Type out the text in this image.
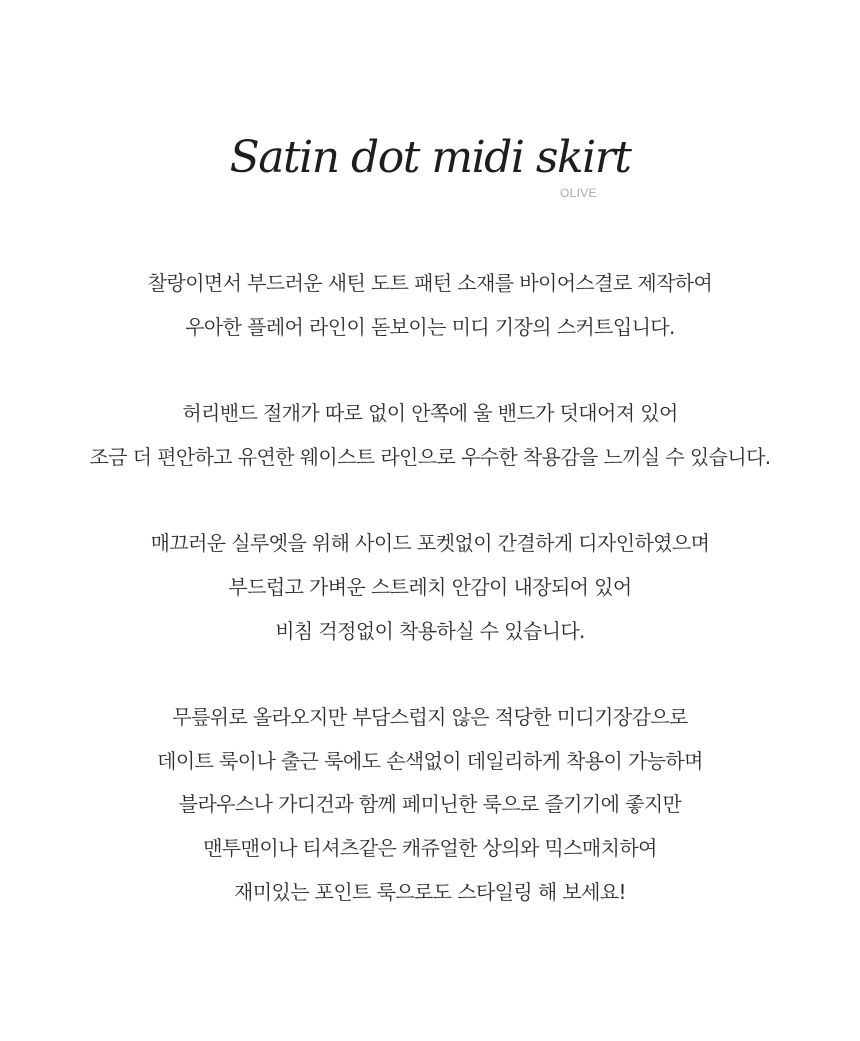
Satin dot midi skirt
OLIVE

찰랑이면서 부드러운 새틴 도트 패턴 소재를 바이어스결로 제작하여
우아한 플레어 라인이 돋보이는 미디 기장의 스커트입니다.

허리밴드 절개가 따로 없이 안쪽에 울 밴드가 덧대어져 있어
조금 더 편안하고 유연한 웨이스트 라인으로 우수한 착용감을 느끼실 수 있습니다.

매끄러운 실루엣을 위해 사이드 포켓없이 간결하게 디자인하였으며
부드럽고 가벼운 스트레치 안감이 내장되어 있어
비침 걱정없이 착용하실 수 있습니다.

무릎위로 올라오지만 부담스럽지 않은 적당한 미디기장감으로
데이트 룩이나 출근 룩에도 손색없이 데일리하게 착용이 가능하며
블라우스나 가디건과 함께 페미닌한 룩으로 즐기기에 좋지만
맨투맨이나 티셔츠같은 캐쥬얼한 상의와 믹스매치하여
재미있는 포인트 룩으로도 스타일링 해 보세요!
